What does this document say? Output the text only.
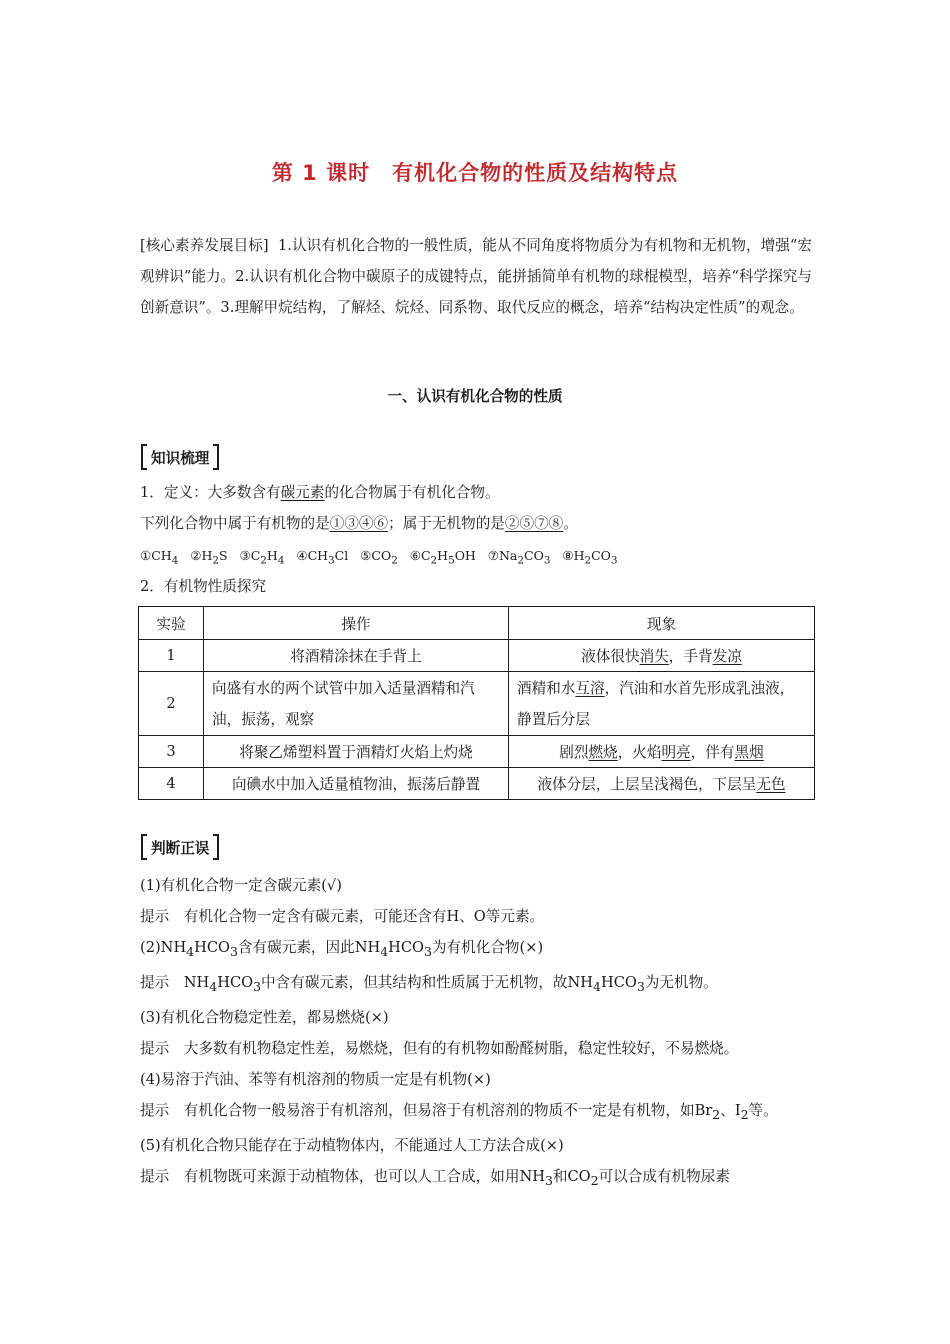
第 1 课时 有机化合物的性质及结构特点
[核心素养发展目标] 1.认识有机化合物的一般性质，能从不同角度将物质分为有机物和无机物，增强“宏观辨识”能力。2.认识有机化合物中碳原子的成键特点，能拼插简单有机物的球棍模型，培养“科学探究与创新意识”。3.理解甲烷结构，了解烃、烷烃、同系物、取代反应的概念，培养“结构决定性质”的观念。
一、认识有机化合物的性质
知识梳理
1．定义：大多数含有碳元素的化合物属于有机化合物。
下列化合物中属于有机物的是①③④⑥；属于无机物的是②⑤⑦⑧。
$①CH_4$ $②H_2S$ $③C_2H_4$ $④CH_3Cl$ $⑤CO_2$ $⑥C_2H_5OH$ $⑦Na_2CO_3$ $⑧H_2CO_3$
2．有机物性质探究
实验	操作	现象
1	将酒精涂抹在手背上	液体很快消失，手背发凉
2	向盛有水的两个试管中加入适量酒精和汽油，振荡，观察	酒精和水互溶，汽油和水首先形成乳浊液，静置后分层
3	将聚乙烯塑料置于酒精灯火焰上灼烧	剧烈燃烧，火焰明亮，伴有黑烟
4	向碘水中加入适量植物油，振荡后静置	液体分层，上层呈浅褐色，下层呈无色
判断正误
(1)有机化合物一定含碳元素(√)
提示　有机化合物一定含有碳元素，可能还含有H、O等元素。
$(2)NH_4HCO_3$含有碳元素，因此$NH_4HCO_3$为有机化合物(×)
提示　$NH_4HCO_3$中含有碳元素，但其结构和性质属于无机物，故$NH_4HCO_3$为无机物。
(3)有机化合物稳定性差，都易燃烧(×)
提示　大多数有机物稳定性差，易燃烧，但有的有机物如酚醛树脂，稳定性较好，不易燃烧。
(4)易溶于汽油、苯等有机溶剂的物质一定是有机物(×)
提示　有机化合物一般易溶于有机溶剂，但易溶于有机溶剂的物质不一定是有机物，如$Br_2$、$I_2$等。
(5)有机化合物只能存在于动植物体内，不能通过人工方法合成(×)
提示　有机物既可来源于动植物体，也可以人工合成，如用$NH_3$和$CO_2$可以合成有机物尿素
